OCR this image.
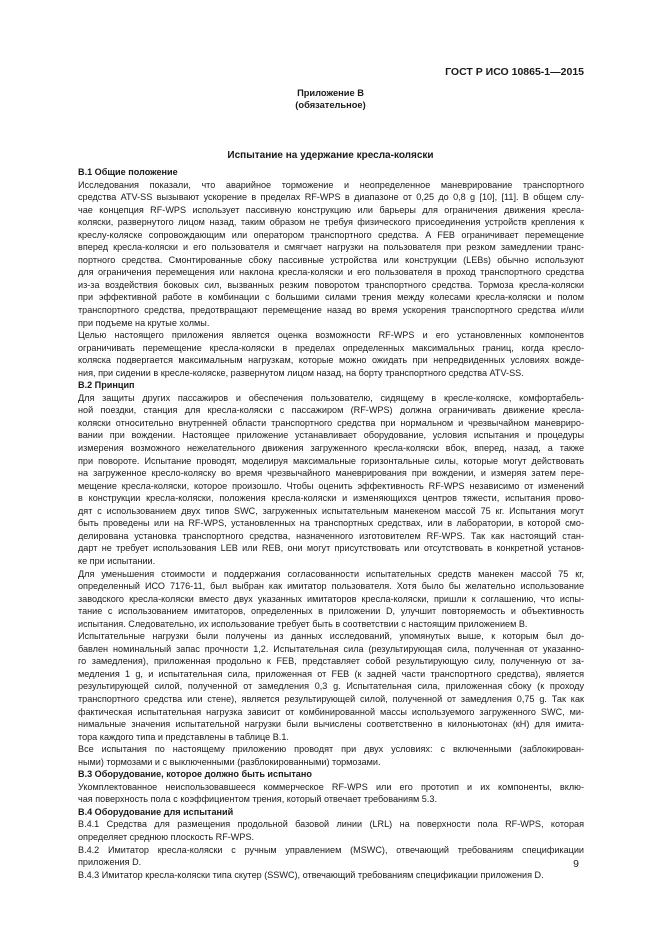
ГОСТ Р ИСО 10865-1—2015
Приложение В
(обязательное)
Испытание на удержание кресла-коляски
В.1 Общие положение
Исследования показали, что аварийное торможение и неопределенное маневрирование транспортного
средства ATV-SS вызывают ускорение в пределах RF-WPS в диапазоне от 0,25 до 0,8 g [10], [11]. В общем слу-
чае концепция RF-WPS использует пассивную конструкцию или барьеры для ограничения движения кресла-
коляски, развернутого лицом назад, таким образом не требуя физического присоединения устройств крепления к
креслу-коляске сопровождающим или оператором транспортного средства. A FEB ограничивает перемещение
вперед кресла-коляски и его пользователя и смягчает нагрузки на пользователя при резком замедлении транс-
портного средства. Смонтированные сбоку пассивные устройства или конструкции (LEBs) обычно используют
для ограничения перемещения или наклона кресла-коляски и его пользователя в проход транспортного средства
из-за воздействия боковых сил, вызванных резким поворотом транспортного средства. Тормоза кресла-коляски
при эффективной работе в комбинации с большими силами трения между колесами кресла-коляски и полом
транспортного средства, предотвращают перемещение назад во время ускорения транспортного средства и/или
при подъеме на крутые холмы.
Целью настоящего приложения является оценка возможности RF-WPS и его установленных компонентов
ограничивать перемещение кресла-коляски в пределах определенных максимальных границ, когда кресло-
коляска подвергается максимальным нагрузкам, которые можно ожидать при непредвиденных условиях вожде-
ния, при сидении в кресле-коляске, развернутом лицом назад, на борту транспортного средства ATV-SS.
В.2 Принцип
Для защиты других пассажиров и обеспечения пользователю, сидящему в кресле-коляске, комфортабель-
ной поездки, станция для кресла-коляски с пассажиром (RF-WPS) должна ограничивать движение кресла-
коляски относительно внутренней области транспортного средства при нормальном и чрезвычайном маневриро-
вании при вождении. Настоящее приложение устанавливает оборудование, условия испытания и процедуры
измерения возможного нежелательного движения загруженного кресла-коляски вбок, вперед, назад, а также
при повороте. Испытание проводят, моделируя максимальные горизонтальные силы, которые могут действовать
на загруженное кресло-коляску во время чрезвычайного маневрирования при вождении, и измеряя затем пере-
мещение кресла-коляски, которое произошло. Чтобы оценить эффективность RF-WPS независимо от изменений
в конструкции кресла-коляски, положения кресла-коляски и изменяющихся центров тяжести, испытания прово-
дят с использованием двух типов SWC, загруженных испытательным манекеном массой 75 кг. Испытания могут
быть проведены или на RF-WPS, установленных на транспортных средствах, или в лаборатории, в которой смо-
делирована установка транспортного средства, назначенного изготовителем RF-WPS. Так как настоящий стан-
дарт не требует использования LEB или REB, они могут присутствовать или отсутствовать в конкретной установ-
ке при испытании.
Для уменьшения стоимости и поддержания согласованности испытательных средств манекен массой 75 кг,
определенный ИСО 7176-11, был выбран как имитатор пользователя. Хотя было бы желательно использование
заводского кресла-коляски вместо двух указанных имитаторов кресла-коляски, пришли к соглашению, что испы-
тание с использованием имитаторов, определенных в приложении D, улучшит повторяемость и объективность
испытания. Следовательно, их использование требует быть в соответствии с настоящим приложением В.
Испытательные нагрузки были получены из данных исследований, упомянутых выше, к которым был до-
бавлен номинальный запас прочности 1,2. Испытательная сила (результирующая сила, полученная от указанно-
го замедления), приложенная продольно к FEB, представляет собой результирующую силу, полученную от за-
медления 1 g, и испытательная сила, приложенная от FEB (к задней части транспортного средства), является
результирующей силой, полученной от замедления 0,3 g. Испытательная сила, приложенная сбоку (к проходу
транспортного средства или стене), является результирующей силой, полученной от замедления 0,75 g. Так как
фактическая испытательная нагрузка зависит от комбинированной массы используемого загруженного SWC, ми-
нимальные значения испытательной нагрузки были вычислены соответственно в килоньютонах (кН) для имита-
тора каждого типа и представлены в таблице В.1.
Все испытания по настоящему приложению проводят при двух условиях: с включенными (заблокирован-
ными) тормозами и с выключенными (разблокированными) тормозами.
В.3 Оборудование, которое должно быть испытано
Укомплектованное неиспользовавшееся коммерческое RF-WPS или его прототип и их компоненты, вклю-
чая поверхность пола с коэффициентом трения, который отвечает требованиям 5.3.
В.4 Оборудование для испытаний
В.4.1 Средства для размещения продольной базовой линии (LRL) на поверхности пола RF-WPS, которая
определяет среднюю плоскость RF-WPS.
В.4.2 Имитатор кресла-коляски с ручным управлением (MSWC), отвечающий требованиям спецификации
приложения D.
В.4.3 Имитатор кресла-коляски типа скутер (SSWC), отвечающий требованиям спецификации приложения D.
9
